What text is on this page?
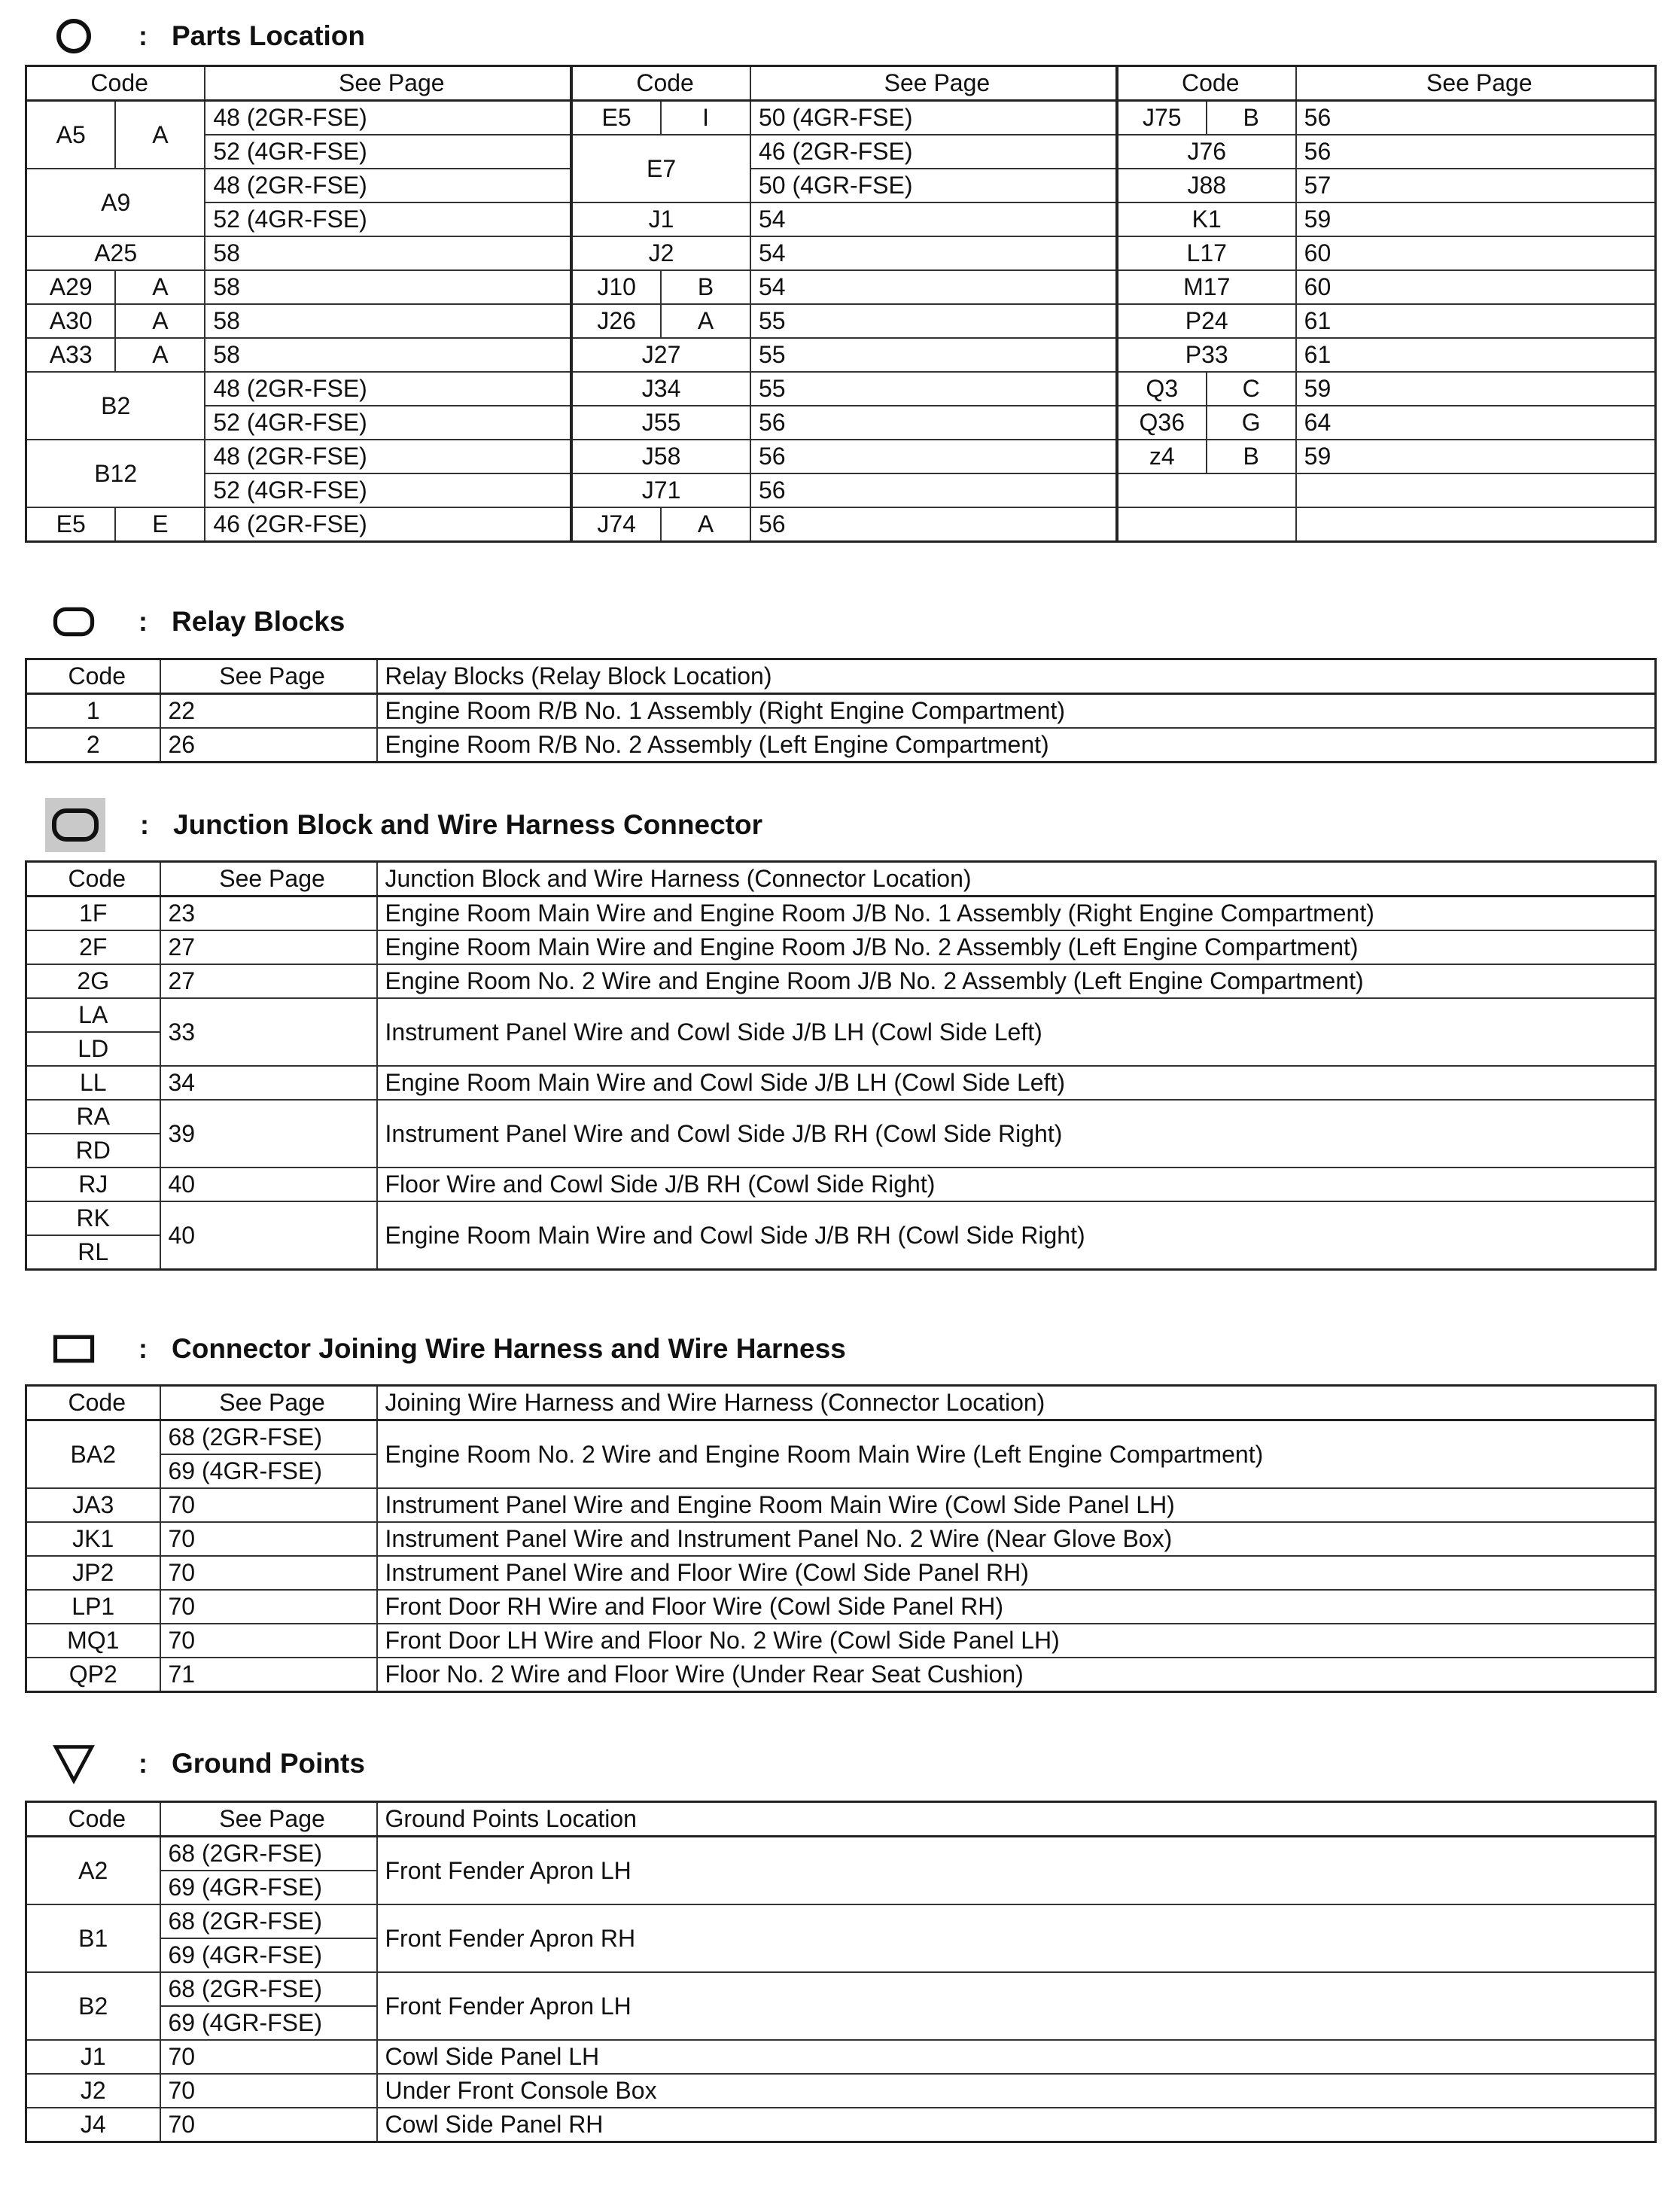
: Parts Location
Code		See Page	Code		See Page	Code		See Page
A5	A	48 (2GR-FSE)	E5	I	50 (4GR-FSE)	J75	B	56
		52 (4GR-FSE)	E7		46 (2GR-FSE)	J76		56
A9		48 (2GR-FSE)			50 (4GR-FSE)	J88		57
		52 (4GR-FSE)	J1		54	K1		59
A25		58	J2		54	L17		60
A29	A	58	J10	B	54	M17		60
A30	A	58	J26	A	55	P24		61
A33	A	58	J27		55	P33		61
B2		48 (2GR-FSE)	J34		55	Q3	C	59
		52 (4GR-FSE)	J55		56	Q36	G	64
B12		48 (2GR-FSE)	J58		56	z4	B	59
		52 (4GR-FSE)	J71		56			
E5	E	46 (2GR-FSE)	J74	A	56			
: Relay Blocks
Code	See Page	Relay Blocks (Relay Block Location)
1	22	Engine Room R/B No. 1 Assembly (Right Engine Compartment)
2	26	Engine Room R/B No. 2 Assembly (Left Engine Compartment)
: Junction Block and Wire Harness Connector
Code	See Page	Junction Block and Wire Harness (Connector Location)
1F	23	Engine Room Main Wire and Engine Room J/B No. 1 Assembly (Right Engine Compartment)
2F	27	Engine Room Main Wire and Engine Room J/B No. 2 Assembly (Left Engine Compartment)
2G	27	Engine Room No. 2 Wire and Engine Room J/B No. 2 Assembly (Left Engine Compartment)
LA	33	Instrument Panel Wire and Cowl Side J/B LH (Cowl Side Left)
LD		
LL	34	Engine Room Main Wire and Cowl Side J/B LH (Cowl Side Left)
RA	39	Instrument Panel Wire and Cowl Side J/B RH (Cowl Side Right)
RD		
RJ	40	Floor Wire and Cowl Side J/B RH (Cowl Side Right)
RK	40	Engine Room Main Wire and Cowl Side J/B RH (Cowl Side Right)
RL		
: Connector Joining Wire Harness and Wire Harness
Code	See Page	Joining Wire Harness and Wire Harness (Connector Location)
BA2	68 (2GR-FSE)	Engine Room No. 2 Wire and Engine Room Main Wire (Left Engine Compartment)
	69 (4GR-FSE)	
JA3	70	Instrument Panel Wire and Engine Room Main Wire (Cowl Side Panel LH)
JK1	70	Instrument Panel Wire and Instrument Panel No. 2 Wire (Near Glove Box)
JP2	70	Instrument Panel Wire and Floor Wire (Cowl Side Panel RH)
LP1	70	Front Door RH Wire and Floor Wire (Cowl Side Panel RH)
MQ1	70	Front Door LH Wire and Floor No. 2 Wire (Cowl Side Panel LH)
QP2	71	Floor No. 2 Wire and Floor Wire (Under Rear Seat Cushion)
: Ground Points
Code	See Page	Ground Points Location
A2	68 (2GR-FSE)	Front Fender Apron LH
	69 (4GR-FSE)	
B1	68 (2GR-FSE)	Front Fender Apron RH
	69 (4GR-FSE)	
B2	68 (2GR-FSE)	Front Fender Apron LH
	69 (4GR-FSE)	
J1	70	Cowl Side Panel LH
J2	70	Under Front Console Box
J4	70	Cowl Side Panel RH
